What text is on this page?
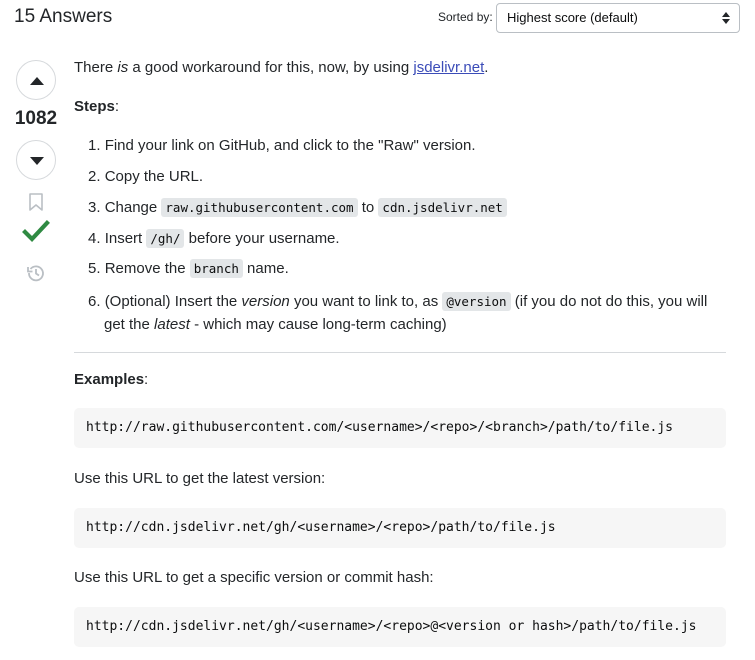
15 Answers	Sorted by:	Highest score (default)
1082

There is a good workaround for this, now, by using jsdelivr.net.

Steps:

1. Find your link on GitHub, and click to the "Raw" version.
2. Copy the URL.
3. Change raw.githubusercontent.com to cdn.jsdelivr.net
4. Insert /gh/ before your username.
5. Remove the branch name.
6. (Optional) Insert the version you want to link to, as @version (if you do not do this, you will
get the latest - which may cause long-term caching)

Examples:

http://raw.githubusercontent.com/<username>/<repo>/<branch>/path/to/file.js

Use this URL to get the latest version:

http://cdn.jsdelivr.net/gh/<username>/<repo>/path/to/file.js

Use this URL to get a specific version or commit hash:

http://cdn.jsdelivr.net/gh/<username>/<repo>@<version or hash>/path/to/file.js
